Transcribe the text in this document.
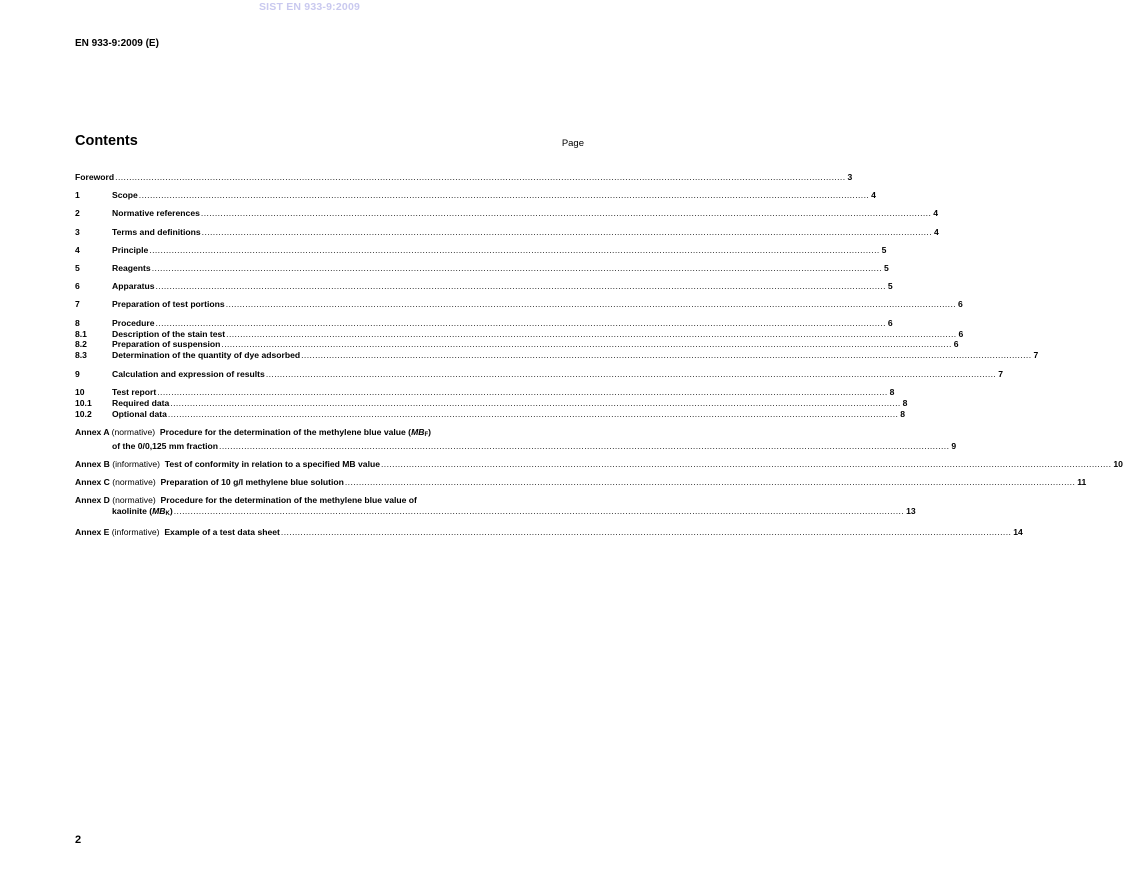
SIST EN 933-9:2009
EN 933-9:2009 (E)
Contents	Page
Foreword ...................................................................................................................................................................................................................................................................... 3
1	Scope ...................................................................................................................................................................................................................................................................... 4
2	Normative references ...................................................................................................................................................................................................................................................................... 4
3	Terms and definitions ...................................................................................................................................................................................................................................................................... 4
4	Principle ...................................................................................................................................................................................................................................................................... 5
5	Reagents ...................................................................................................................................................................................................................................................................... 5
6	Apparatus ...................................................................................................................................................................................................................................................................... 5
7	Preparation of test portions ...................................................................................................................................................................................................................................................................... 6
8	Procedure ...................................................................................................................................................................................................................................................................... 6
8.1	Description of the stain test ...................................................................................................................................................................................................................................................................... 6
8.2	Preparation of suspension ...................................................................................................................................................................................................................................................................... 6
8.3	Determination of the quantity of dye adsorbed ...................................................................................................................................................................................................................................................................... 7
9	Calculation and expression of results ...................................................................................................................................................................................................................................................................... 7
10	Test report ...................................................................................................................................................................................................................................................................... 8
10.1	Required data ...................................................................................................................................................................................................................................................................... 8
10.2	Optional data ...................................................................................................................................................................................................................................................................... 8
Annex A (normative) Procedure for the determination of the methylene blue value $(MB_F)$
of the 0/0,125 mm fraction ...................................................................................................................................................................................................................................................................... 9
Annex B (informative) Test of conformity in relation to a specified MB value ...................................................................................................................................................................................................................................................................... 10
Annex C (normative) Preparation of 10 g/l methylene blue solution ...................................................................................................................................................................................................................................................................... 11
Annex D (normative) Procedure for the determination of the methylene blue value of
kaolinite $(MB_K)$ ...................................................................................................................................................................................................................................................................... 13
Annex E (informative) Example of a test data sheet ...................................................................................................................................................................................................................................................................... 14
2
